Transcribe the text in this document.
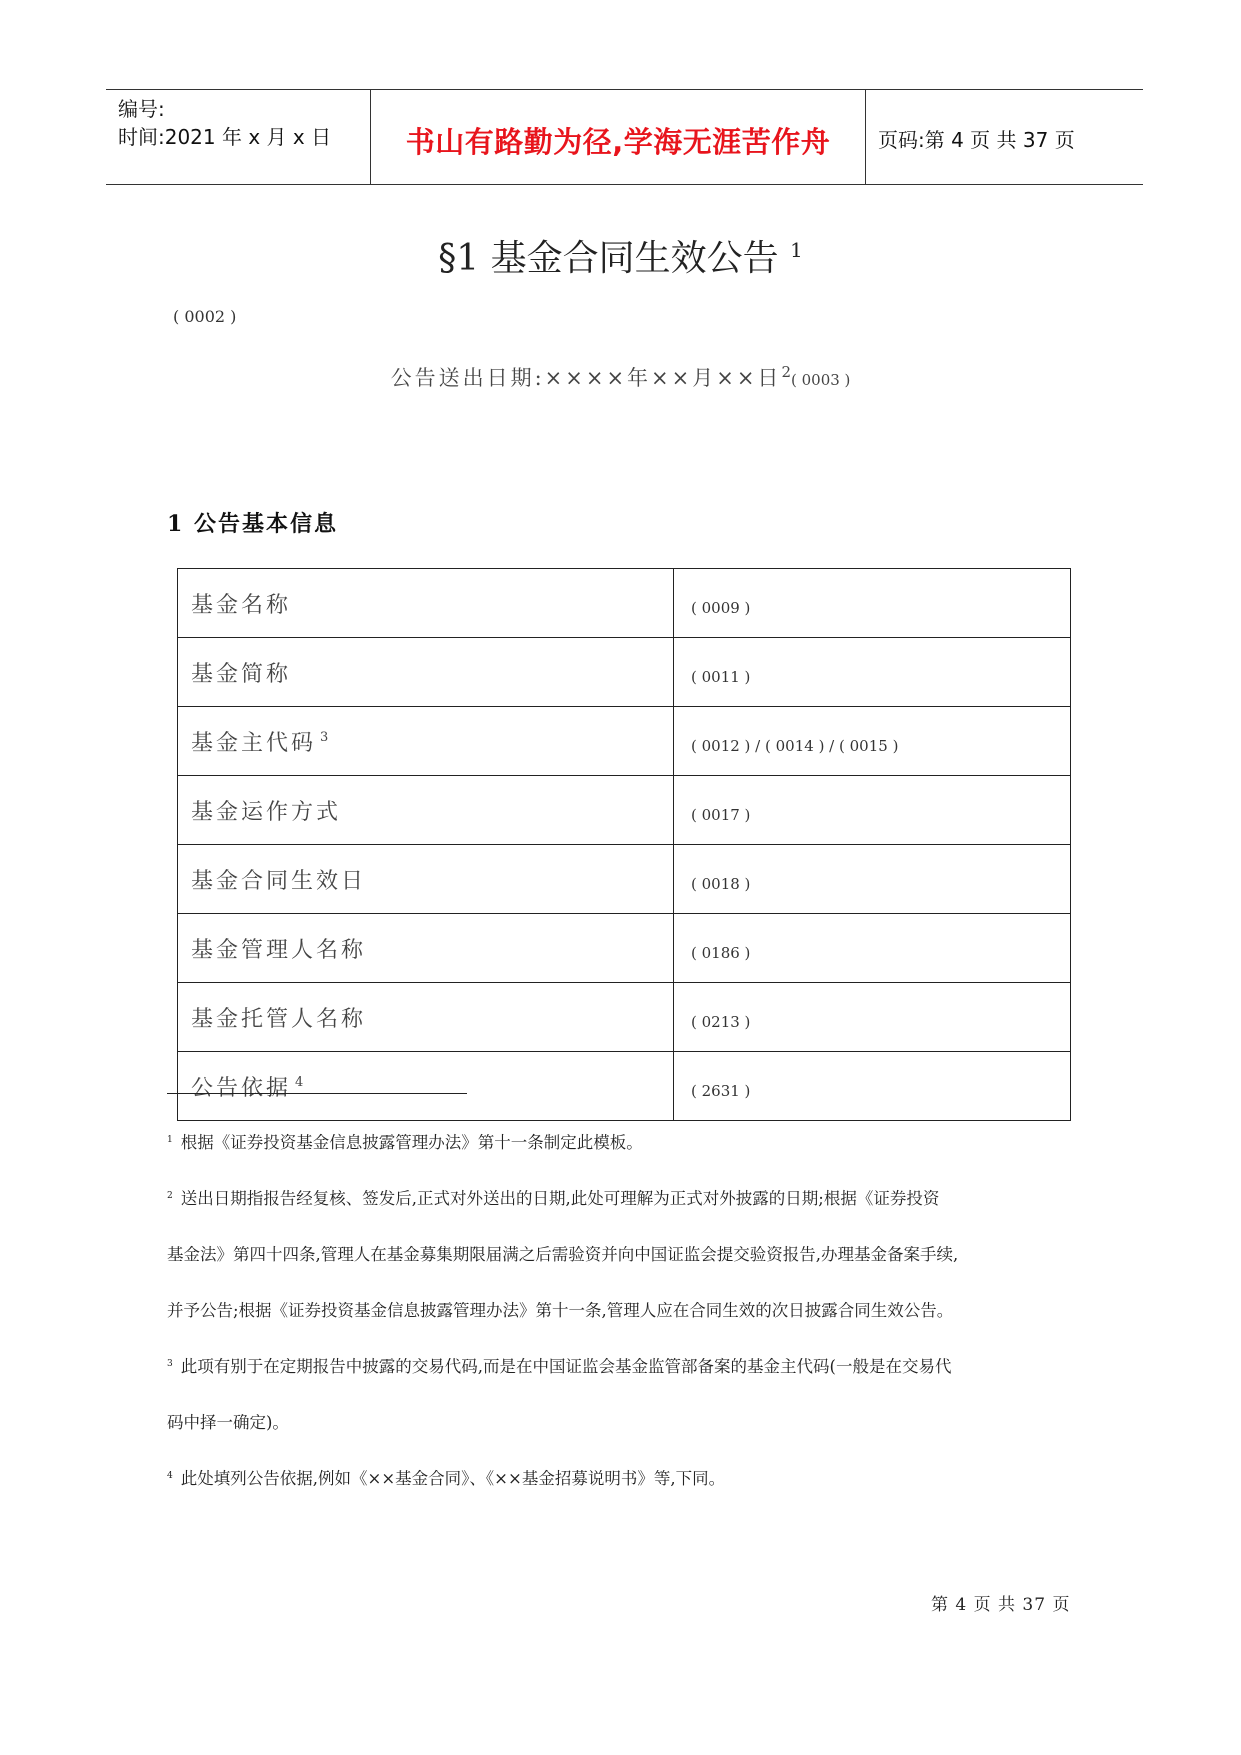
编号:
时间:2021 年 x 月 x 日	书山有路勤为径,学海无涯苦作舟	页码:第 4 页 共 37 页
§1 基金合同生效公告 $^1$
( 0002 )
公告送出日期:××××年××月××日$^2$( 0003 )
1 公告基本信息
基金名称	( 0009 )
基金简称	( 0011 )
基金主代码 $^3$	( 0012 ) / ( 0014 ) / ( 0015 )
基金运作方式	( 0017 )
基金合同生效日	( 0018 )
基金管理人名称	( 0186 )
基金托管人名称	( 0213 )
公告依据 $^4$	( 2631 )
$^1$ 根据《证券投资基金信息披露管理办法》第十一条制定此模板。
$^2$ 送出日期指报告经复核、签发后,正式对外送出的日期,此处可理解为正式对外披露的日期;根据《证券投资
基金法》第四十四条,管理人在基金募集期限届满之后需验资并向中国证监会提交验资报告,办理基金备案手续,
并予公告;根据《证券投资基金信息披露管理办法》第十一条,管理人应在合同生效的次日披露合同生效公告。
$^3$ 此项有别于在定期报告中披露的交易代码,而是在中国证监会基金监管部备案的基金主代码(一般是在交易代
码中择一确定)。
$^4$ 此处填列公告依据,例如《××基金合同》、《××基金招募说明书》等,下同。
第 4 页 共 37 页
